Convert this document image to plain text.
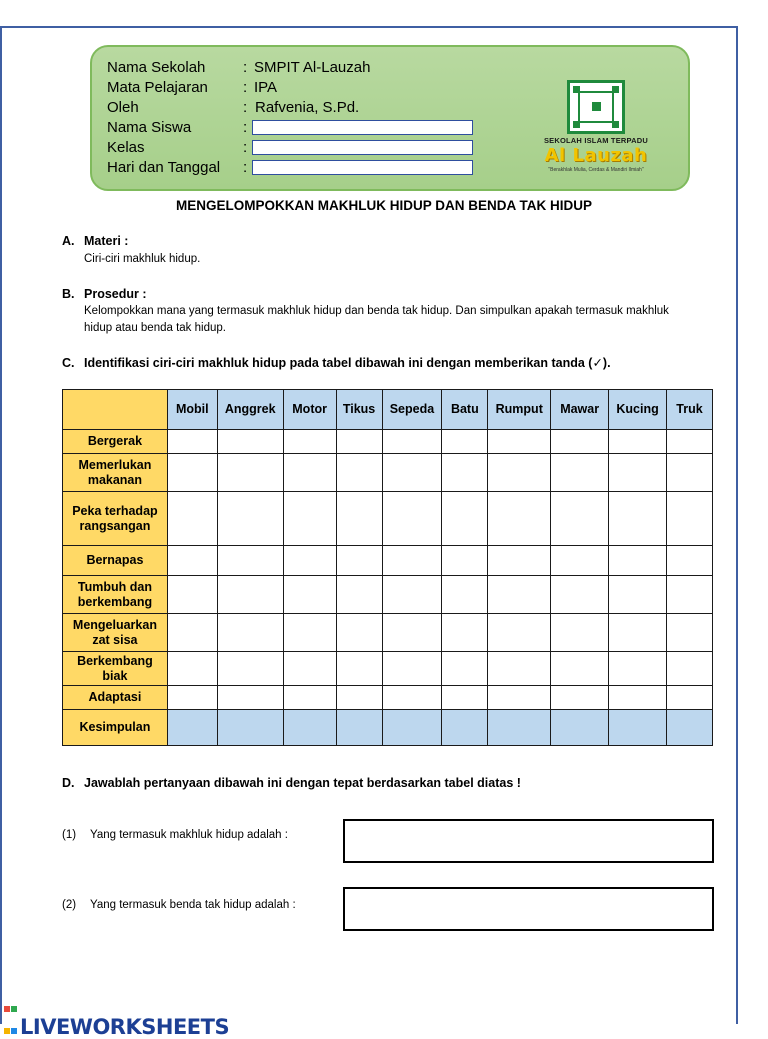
Nama Sekolah	: SMPIT Al-Lauzah
Mata Pelajaran	: IPA
Oleh	: Rafvenia, S.Pd.
Nama Siswa	:
Kelas	:
Hari dan Tanggal	:
SEKOLAH ISLAM TERPADU
Al Lauzah
"Berakhlak Mulia, Cerdas & Mandiri Ilmiah"
MENGELOMPOKKAN MAKHLUK HIDUP DAN BENDA TAK HIDUP
A. Materi :
Ciri-ciri makhluk hidup.
B. Prosedur :
Kelompokkan mana yang termasuk makhluk hidup dan benda tak hidup. Dan simpulkan apakah termasuk makhluk hidup atau benda tak hidup.
C. Identifikasi ciri-ciri makhluk hidup pada tabel dibawah ini dengan memberikan tanda (✓).
	Mobil	Anggrek	Motor	Tikus	Sepeda	Batu	Rumput	Mawar	Kucing	Truk
Bergerak										
Memerlukan makanan										
Peka terhadap rangsangan										
Bernapas										
Tumbuh dan berkembang										
Mengeluarkan zat sisa										
Berkembang biak										
Adaptasi										
Kesimpulan										
D. Jawablah pertanyaan dibawah ini dengan tepat berdasarkan tabel diatas !
(1) Yang termasuk makhluk hidup adalah :
(2) Yang termasuk benda tak hidup adalah :
LIVEWORKSHEETS
